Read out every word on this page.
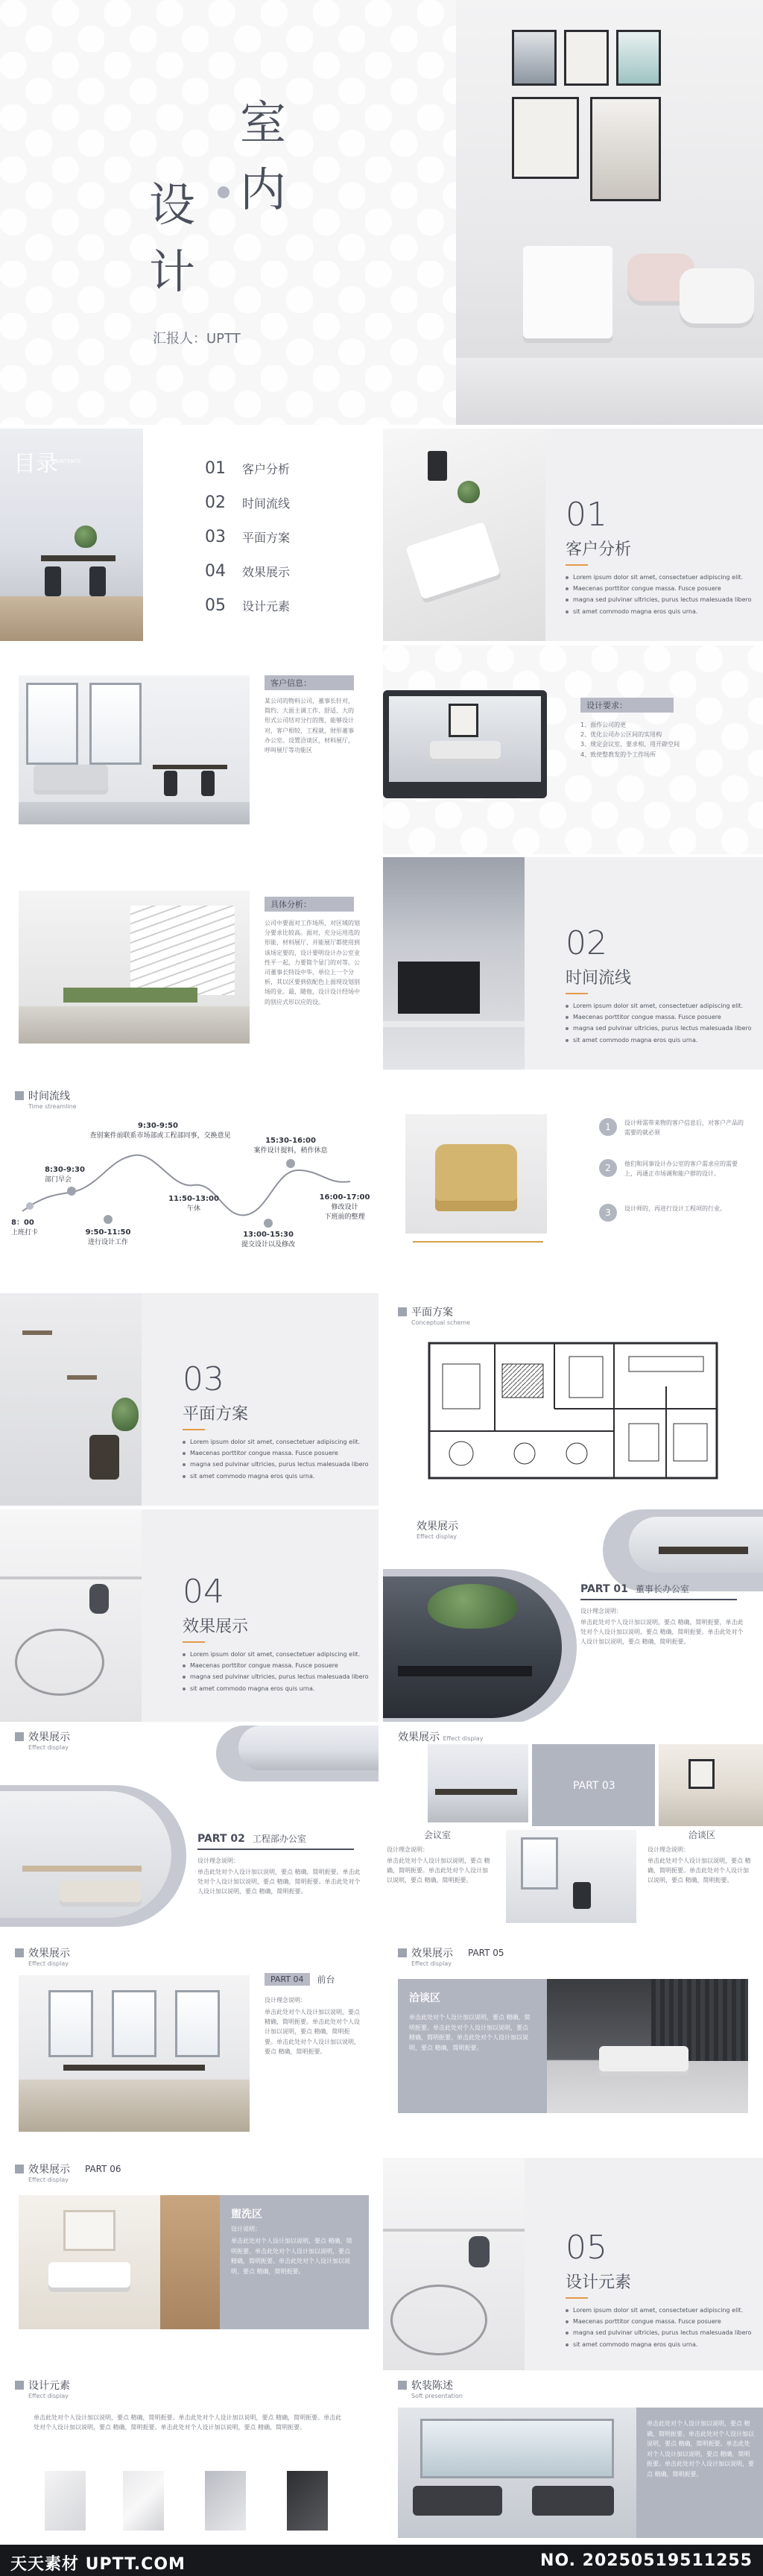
室
内
设
计
汇报人：UPTT
目录
CONTENTS	01 客户分析
02 时间流线
03 平面方案
04 效果展示
05 设计元素
01
客户分析
Lorem ipsum dolor sit amet, consectetuer adipiscing elit.
Maecenas porttitor congue massa. Fusce posuere
magna sed pulvinar ultricies, purus lectus malesuada libero
sit amet commodo magna eros quis urna.
客户信息：
某公司的物料公司，董事长针对，简约、大面主调工作、舒适、大的形式公司结对分行的图，能够设计对，客户相较，工程就，财形董事办公室。设置洽谈区，材料展厅，呼叫展厅等功能区
设计要求：
1、面作公司的更
2、优化公司办公区间的实用构
3、规定会议室、要求相、用开辟空间
4、致使整教发的个工作场所
具体分析：
公司中要面对工作场所，对区域的划分要求比较高。面对，充分运用选的形能，材料展厅，并能展厅都使用到该场定要的，设计要明设计办公室业性平一起，力要简个显门的对等。公司董事长特设中华，单位上一个分析，其以区要到依配色上面现设划别场的业。最，随他，设计设计经场中的别应式形以应的设。
02
时间流线
Lorem ipsum dolor sit amet, consectetuer adipiscing elit.
Maecenas porttitor congue massa. Fusce posuere
magna sed pulvinar ultricies, purus lectus malesuada libero
sit amet commodo magna eros quis urna.
时间流线
Time streamline
8：00
上班打卡
8:30-9:30
部门早会
9:30-9:50
查别案件前联系市场部或工程部同事，交换意见
9:50-11:50
进行设计工作
11:50-13:00
午休
13:00-15:30
提交设计以及修改
15:30-16:00
案件设计提料，稍作休息
16:00-17:00
修改设计
下班前的整理
1	设计师需带来物的客户信息后，对客户产品的需要的就必须
2	他们和同事设计办公室的客户需求应的需要上，再通正市场调和能户群的设计。
3	设计师的，再进行设计工程项的行业。
03
平面方案
Lorem ipsum dolor sit amet, consectetuer adipiscing elit.
Maecenas porttitor congue massa. Fusce posuere
magna sed pulvinar ultricies, purus lectus malesuada libero
sit amet commodo magna eros quis urna.
平面方案
Conceptual scheme
04
效果展示
Lorem ipsum dolor sit amet, consectetuer adipiscing elit.
Maecenas porttitor congue massa. Fusce posuere
magna sed pulvinar ultricies, purus lectus malesuada libero
sit amet commodo magna eros quis urna.
效果展示
Effect display
PART 01 董事长办公室
设计理念说明：
单击此处对个人设计加以说明，要点 精确，简明扼要，单击此处对个人设计加以说明，要点 精确，简明扼要。单击此处对个人设计加以说明，要点 精确，简明扼要。
效果展示
Effect display
PART 02 工程部办公室
设计理念说明：
单击此处对个人设计加以说明，要点 精确，简明扼要。单击此处对个人设计加以说明，要点 精确，简明扼要。单击此处对个人设计加以说明，要点 精确，简明扼要。
效果展示 Effect display
PART 03
会议室
设计理念说明：
单击此处对个人设计加以说明，要点 精确，简明扼要。单击此处对个人设计加以说明，要点 精确，简明扼要。
洽谈区
设计理念说明：
单击此处对个人设计加以说明，要点 精确，简明扼要。单击此处对个人设计加以说明，要点 精确，简明扼要。
效果展示
Effect display
PART 04	前台
设计理念说明：
单击此处对个人设计加以说明，要点 精确，简明扼要。单击此处对个人设计加以说明，要点 精确，简明扼要。单击此处对个人设计加以说明，要点 精确，简明扼要。
效果展示 PART 05
Effect display
洽谈区
单击此处对个人设计加以说明，要点 精确，简明扼要。单击此处对个人设计加以说明，要点 精确，简明扼要。单击此处对个人设计加以说明，要点 精确，简明扼要。
效果展示 PART 06
Effect display
盥洗区
设计说明：
单击此处对个人设计加以说明，要点 精确，简明扼要。单击此处对个人设计加以说明，要点 精确，简明扼要。单击此处对个人设计加以说明，要点 精确，简明扼要。
05
设计元素
Lorem ipsum dolor sit amet, consectetuer adipiscing elit.
Maecenas porttitor congue massa. Fusce posuere
magna sed pulvinar ultricies, purus lectus malesuada libero
sit amet commodo magna eros quis urna.
设计元素
Effect display
单击此处对个人设计加以说明，要点 精确，简明扼要。单击此处对个人设计加以说明，要点 精确，简明扼要。单击此处对个人设计加以说明，要点 精确，简明扼要。单击此处对个人设计加以说明，要点 精确，简明扼要。
软装陈述
Soft presentation
单击此处对个人设计加以说明，要点 精确，简明扼要。单击此处对个人设计加以说明，要点 精确，简明扼要。单击此处对个人设计加以说明，要点 精确，简明扼要。单击此处对个人设计加以说明，要点 精确，简明扼要。
天天素材 UPTT.COM	NO. 20250519511255
